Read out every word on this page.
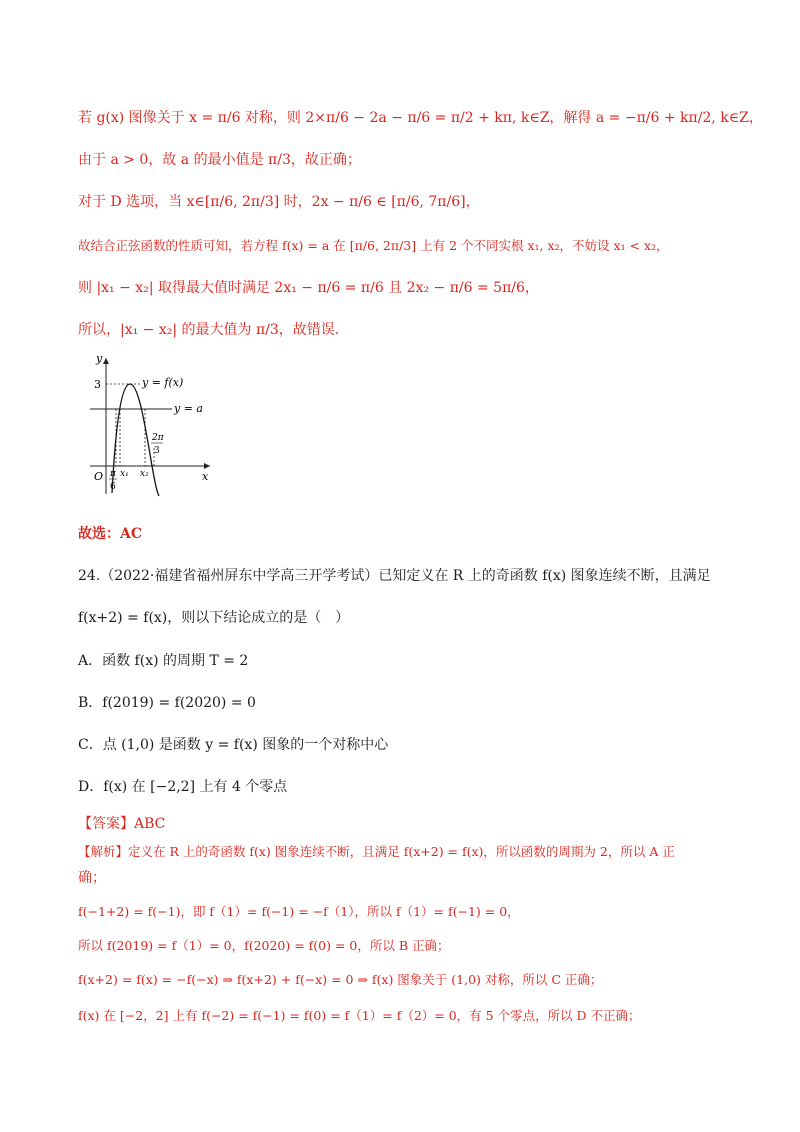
若 g(x) 图像关于 x = π/6 对称，则 2×π/6 − 2a − π/6 = π/2 + kπ, k∈Z，解得 a = −π/6 + kπ/2, k∈Z，
由于 a > 0，故 a 的最小值是 π/3，故正确；
对于 D 选项，当 x∈[π/6, 2π/3] 时，2x − π/6 ∈ [π/6, 7π/6]，
故结合正弦函数的性质可知，若方程 f(x) = a 在 [π/6, 2π/3] 上有 2 个不同实根 x₁, x₂，不妨设 x₁ < x₂，
则 |x₁ − x₂| 取得最大值时满足 2x₁ − π/6 = π/6 且 2x₂ − π/6 = 5π/6，
所以，|x₁ − x₂| 的最大值为 π/3，故错误.
y
x
O
3
y = a
y = f(x)
π
6
x₁ x₂
2π
3
故选：AC
24.（2022·福建省福州屏东中学高三开学考试）已知定义在 R 上的奇函数 f(x) 图象连续不断，且满足
f(x+2) = f(x)，则以下结论成立的是（　）
A．函数 f(x) 的周期 T = 2
B．f(2019) = f(2020) = 0
C．点 (1,0) 是函数 y = f(x) 图象的一个对称中心
D．f(x) 在 [−2,2] 上有 4 个零点
【答案】ABC
【解析】定义在 R 上的奇函数 f(x) 图象连续不断，且满足 f(x+2) = f(x)，所以函数的周期为 2，所以 A 正
确；
f(−1+2) = f(−1)，即 f（1）= f(−1) = −f（1），所以 f（1）= f(−1) = 0，
所以 f(2019) = f（1）= 0，f(2020) = f(0) = 0，所以 B 正确；
f(x+2) = f(x) = −f(−x) ⇒ f(x+2) + f(−x) = 0 ⇒ f(x) 图象关于 (1,0) 对称，所以 C 正确；
f(x) 在 [−2，2] 上有 f(−2) = f(−1) = f(0) = f（1）= f（2）= 0，有 5 个零点，所以 D 不正确；
